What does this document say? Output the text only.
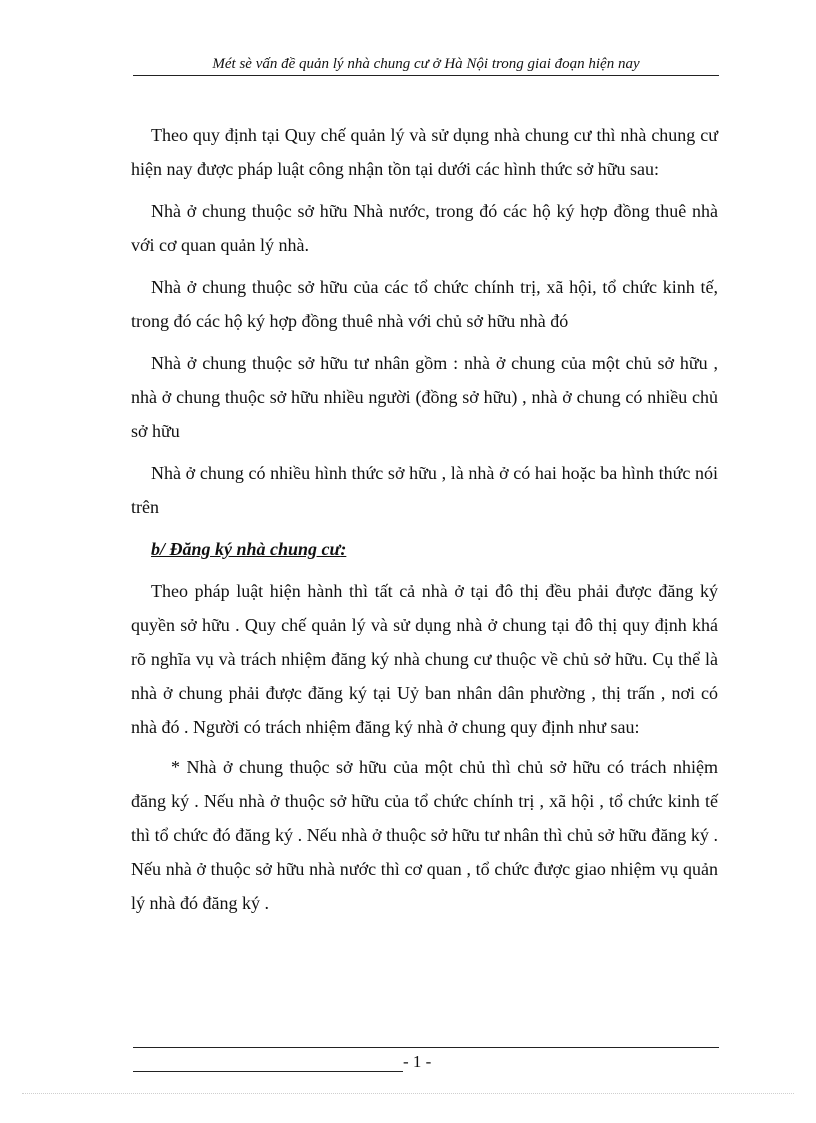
Mét sè vấn đề quản lý nhà chung cư ở Hà Nội trong giai đoạn hiện nay

Theo quy định tại Quy chế quản lý và sử dụng nhà chung cư thì nhà chung cư hiện nay được pháp luật công nhận tồn tại dưới các hình thức sở hữu sau:

Nhà ở chung thuộc sở hữu Nhà nước, trong đó các hộ ký hợp đồng thuê nhà với cơ quan quản lý nhà.

Nhà ở chung thuộc sở hữu của các tổ chức chính trị, xã hội, tổ chức kinh tế, trong đó các hộ ký hợp đồng thuê nhà với chủ sở hữu nhà đó

Nhà ở chung thuộc sở hữu tư nhân gồm : nhà ở chung của một chủ sở hữu , nhà ở chung thuộc sở hữu nhiều người (đồng sở hữu) , nhà ở chung có nhiều chủ sở hữu

Nhà ở chung có nhiều hình thức sở hữu , là nhà ở có hai hoặc ba hình thức nói trên

b/ Đăng ký nhà chung cư:

Theo pháp luật hiện hành thì tất cả nhà ở tại đô thị đều phải được đăng ký quyền sở hữu . Quy chế quản lý và sử dụng nhà ở chung tại đô thị quy định khá rõ nghĩa vụ và trách nhiệm đăng ký nhà chung cư thuộc về chủ sở hữu. Cụ thể là nhà ở chung phải được đăng ký tại Uỷ ban nhân dân phường , thị trấn , nơi có nhà đó . Người có trách nhiệm đăng ký nhà ở chung quy định như sau:

* Nhà ở chung thuộc sở hữu của một chủ thì chủ sở hữu có trách nhiệm đăng ký . Nếu nhà ở thuộc sở hữu của tổ chức chính trị , xã hội , tổ chức kinh tế thì tổ chức đó đăng ký . Nếu nhà ở thuộc sở hữu tư nhân thì chủ sở hữu đăng ký . Nếu nhà ở thuộc sở hữu nhà nước thì cơ quan , tổ chức được giao nhiệm vụ quản lý nhà đó đăng ký .

- 1 -
